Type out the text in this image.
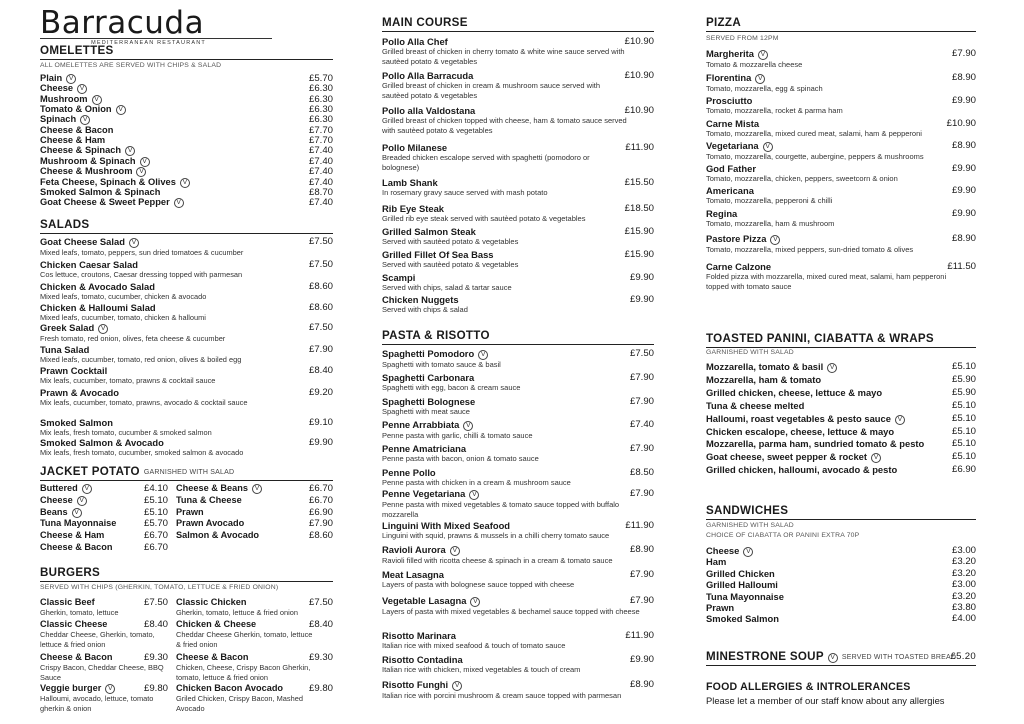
Barracuda
MEDITERRANEAN RESTAURANT
OMELETTES
ALL OMELETTES ARE SERVED WITH CHIPS & SALAD
Plain V	£5.70
Cheese V	£6.30
Mushroom V	£6.30
Tomato & Onion V	£6.30
Spinach V	£6.30
Cheese & Bacon	£7.70
Cheese & Ham	£7.70
Cheese & Spinach V	£7.40
Mushroom & Spinach V	£7.40
Cheese & Mushroom V	£7.40
Feta Cheese, Spinach & Olives V	£7.40
Smoked Salmon & Spinach	£8.70
Goat Cheese & Sweet Pepper V	£7.40
SALADS
Goat Cheese Salad V	£7.50
Mixed leafs, tomato, peppers, sun dried tomatoes & cucumber
Chicken Caesar Salad	£7.50
Cos lettuce, croutons, Caesar dressing topped with parmesan
Chicken & Avocado Salad	£8.60
Mixed leafs, tomato, cucumber, chicken & avocado
Chicken & Halloumi Salad	£8.60
Mixed leafs, cucumber, tomato, chicken & halloumi
Greek Salad V	£7.50
Fresh tomato, red onion, olives, feta cheese & cucumber
Tuna Salad	£7.90
Mixed leafs, cucumber, tomato, red onion, olives & boiled egg
Prawn Cocktail	£8.40
Mix leafs, cucumber, tomato, prawns & cocktail sauce
Prawn & Avocado	£9.20
Mix leafs, cucumber, tomato, prawns, avocado & cocktail sauce
Smoked Salmon	£9.10
Mix leafs, fresh tomato, cucumber & smoked salmon
Smoked Salmon & Avocado	£9.90
Mix leafs, fresh tomato, cucumber, smoked salmon & avocado
JACKET POTATO GARNISHED WITH SALAD
Buttered V	£4.10
Cheese V	£5.10
Beans V	£5.10
Tuna Mayonnaise	£5.70
Cheese & Ham	£6.70
Cheese & Bacon	£6.70
Cheese & Beans V	£6.70
Tuna & Cheese	£6.70
Prawn	£6.90
Prawn Avocado	£7.90
Salmon & Avocado	£8.60
BURGERS
SERVED WITH CHIPS (GHERKIN, TOMATO, LETTUCE & FRIED ONION)
Classic Beef	£7.50
Gherkin, tomato, lettuce
Classic Cheese	£8.40
Cheddar Cheese, Gherkin, tomato, lettuce & fried onion
Cheese & Bacon	£9.30
Crispy Bacon, Cheddar Cheese, BBQ Sauce
Veggie burger V	£9.80
Halloumi, avocado, lettuce, tomato gherkin & onion
Classic Chicken	£7.50
Gherkin, tomato, lettuce & fried onion
Chicken & Cheese	£8.40
Cheddar Cheese Gherkin, tomato, lettuce & fried onion
Cheese & Bacon	£9.30
Chicken, Cheese, Crispy Bacon Gherkin, tomato, lettuce & fried onion
Chicken Bacon Avocado	£9.80
Griled Chicken, Crispy Bacon, Mashed Avocado
MAIN COURSE
Pollo Alla Chef	£10.90
Grilled breast of chicken in cherry tomato & white wine sauce served with sautèed potato & vegetables
Pollo Alla Barracuda	£10.90
Grilled breast of chicken in cream & mushroom sauce served with sautèed potato & vegetables
Pollo alla Valdostana	£10.90
Grilled breast of chicken topped with cheese, ham & tomato sauce served with sautèed potato & vegetables
Pollo Milanese	£11.90
Breaded chicken escalope served with spaghetti (pomodoro or bolognese)
Lamb Shank	£15.50
In rosemary gravy sauce served with mash potato
Rib Eye Steak	£18.50
Grilled rib eye steak served with sautèed potato & vegetables
Grilled Salmon Steak	£15.90
Served with sautèed potato & vegetables
Grilled Fillet Of Sea Bass	£15.90
Served with sautèed potato & vegetables
Scampi	£9.90
Served with chips, salad & tartar sauce
Chicken Nuggets	£9.90
Served with chips & salad
PASTA & RISOTTO
Spaghetti Pomodoro V	£7.50
Spaghetti with tomato sauce & basil
Spaghetti Carbonara	£7.90
Spaghetti with egg, bacon & cream sauce
Spaghetti Bolognese	£7.90
Spaghetti with meat sauce
Penne Arrabbiata V	£7.40
Penne pasta with garlic, chilli & tomato sauce
Penne Amatriciana	£7.90
Penne pasta with bacon, onion & tomato sauce
Penne Pollo	£8.50
Penne pasta with chicken in a cream & mushroom sauce
Penne Vegetariana V	£7.90
Penne pasta with mixed vegetables & tomato sauce topped with buffalo mozzarella
Linguini With Mixed Seafood	£11.90
Linguini with squid, prawns & mussels in a chilli cherry tomato sauce
Ravioli Aurora V	£8.90
Ravioli filled with ricotta cheese & spinach in a cream & tomato sauce
Meat Lasagna	£7.90
Layers of pasta with bolognese sauce topped with cheese
Vegetable Lasagna V	£7.90
Layers of pasta with mixed vegetables & bechamel sauce topped with cheese
Risotto Marinara	£11.90
Italian rice with mixed seafood & touch of tomato sauce
Risotto Contadina	£9.90
Italian rice with chicken, mixed vegetables & touch of cream
Risotto Funghi V	£8.90
Italian rice with porcini mushroom & cream sauce topped with parmesan
PIZZA
SERVED FROM 12PM
Margherita V	£7.90
Tomato & mozzarella cheese
Florentina V	£8.90
Tomato, mozzarella, egg & spinach
Prosciutto	£9.90
Tomato, mozzarella, rocket & parma ham
Carne Mista	£10.90
Tomato, mozzarella, mixed cured meat, salami, ham & pepperoni
Vegetariana V	£8.90
Tomato, mozzarella, courgette, aubergine, peppers & mushrooms
God Father	£9.90
Tomato, mozzarella, chicken, peppers, sweetcorn & onion
Americana	£9.90
Tomato, mozzarella, pepperoni & chilli
Regina	£9.90
Tomato, mozzarella, ham & mushroom
Pastore Pizza V	£8.90
Tomato, mozzarella, mixed peppers, sun-dried tomato & olives
Carne Calzone	£11.50
Folded pizza with mozzarella, mixed cured meat, salami, ham pepperoni topped with tomato sauce
TOASTED PANINI, CIABATTA & WRAPS
GARNISHED WITH SALAD
Mozzarella, tomato & basil V	£5.10
Mozzarella, ham & tomato	£5.90
Grilled chicken, cheese, lettuce & mayo	£5.90
Tuna & cheese melted	£5.10
Halloumi, roast vegetables & pesto sauce V	£5.10
Chicken escalope, cheese, lettuce & mayo	£5.10
Mozzarella, parma ham, sundried tomato & pesto	£5.10
Goat cheese, sweet pepper & rocket V	£5.10
Grilled chicken, halloumi, avocado & pesto	£6.90
SANDWICHES
GARNISHED WITH SALAD
CHOICE OF CIABATTA OR PANINI EXTRA 70P
Cheese V	£3.00
Ham	£3.20
Grilled Chicken	£3.20
Grilled Halloumi	£3.00
Tuna Mayonnaise	£3.20
Prawn	£3.80
Smoked Salmon	£4.00
MINESTRONE SOUP V SERVED WITH TOASTED BREAD
£5.20
FOOD ALLERGIES & INTROLERANCES
Please let a member of our staff know about any allergies
